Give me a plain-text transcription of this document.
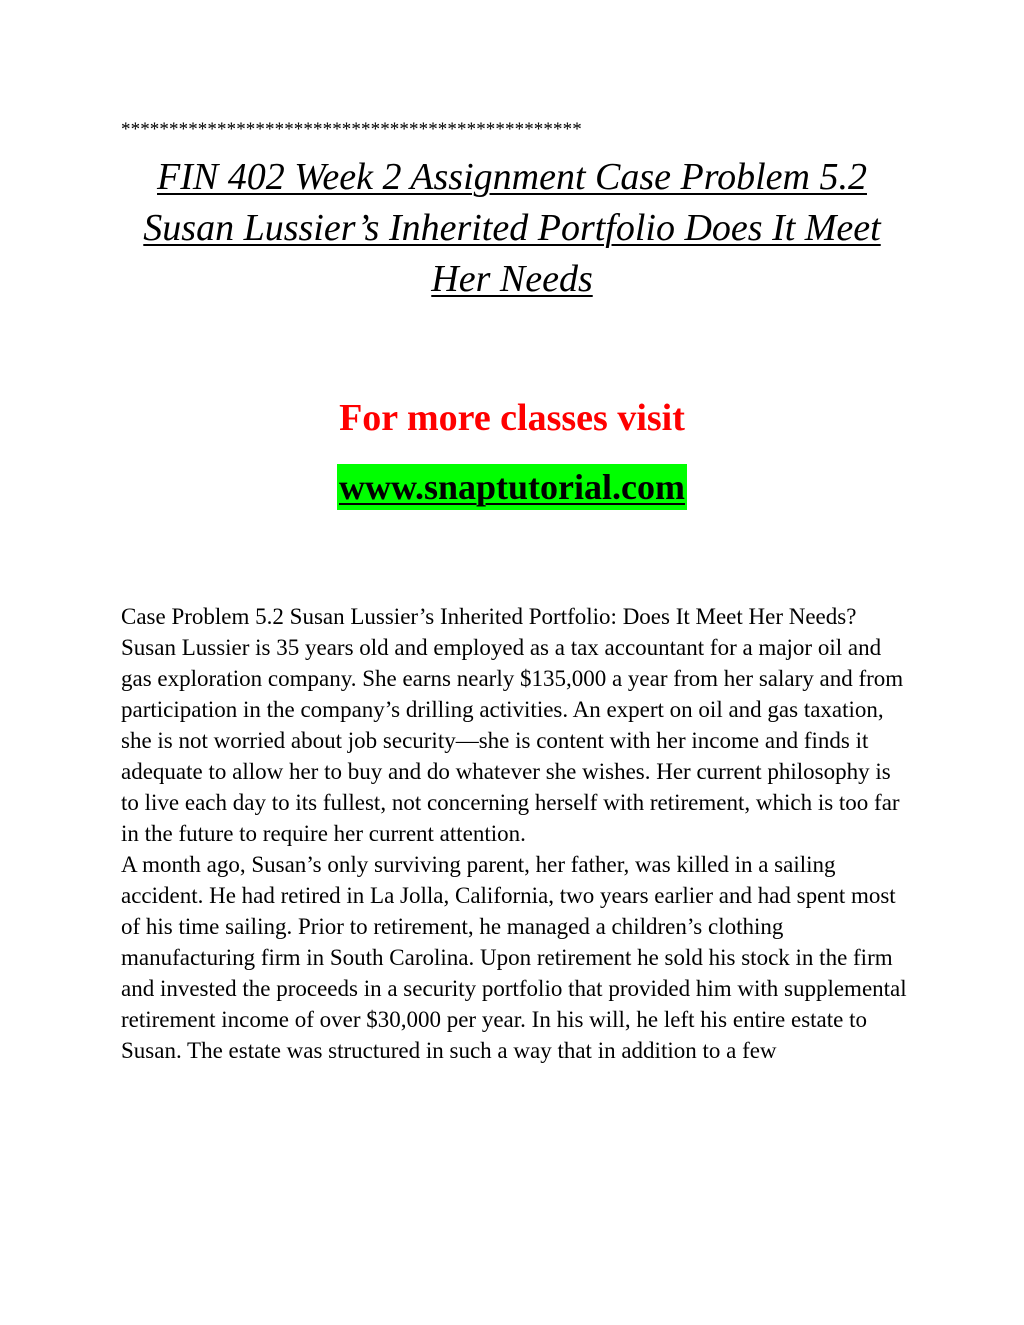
************************************************
FIN 402 Week 2 Assignment Case Problem 5.2
Susan Lussier’s Inherited Portfolio Does It Meet
Her Needs
For more classes visit
www.snaptutorial.com

Case Problem 5.2 Susan Lussier’s Inherited Portfolio: Does It Meet Her Needs?

Susan Lussier is 35 years old and employed as a tax accountant for a major oil and gas exploration company. She earns nearly $135,000 a year from her salary and from participation in the company’s drilling activities. An expert on oil and gas taxation, she is not worried about job security—she is content with her income and finds it adequate to allow her to buy and do whatever she wishes. Her current philosophy is to live each day to its fullest, not concerning herself with retirement, which is too far in the future to require her current attention.

A month ago, Susan’s only surviving parent, her father, was killed in a sailing accident. He had retired in La Jolla, California, two years earlier and had spent most of his time sailing. Prior to retirement, he managed a children’s clothing manufacturing firm in South Carolina. Upon retirement he sold his stock in the firm and invested the proceeds in a security portfolio that provided him with supplemental retirement income of over $30,000 per year. In his will, he left his entire estate to Susan. The estate was structured in such a way that in addition to a few
